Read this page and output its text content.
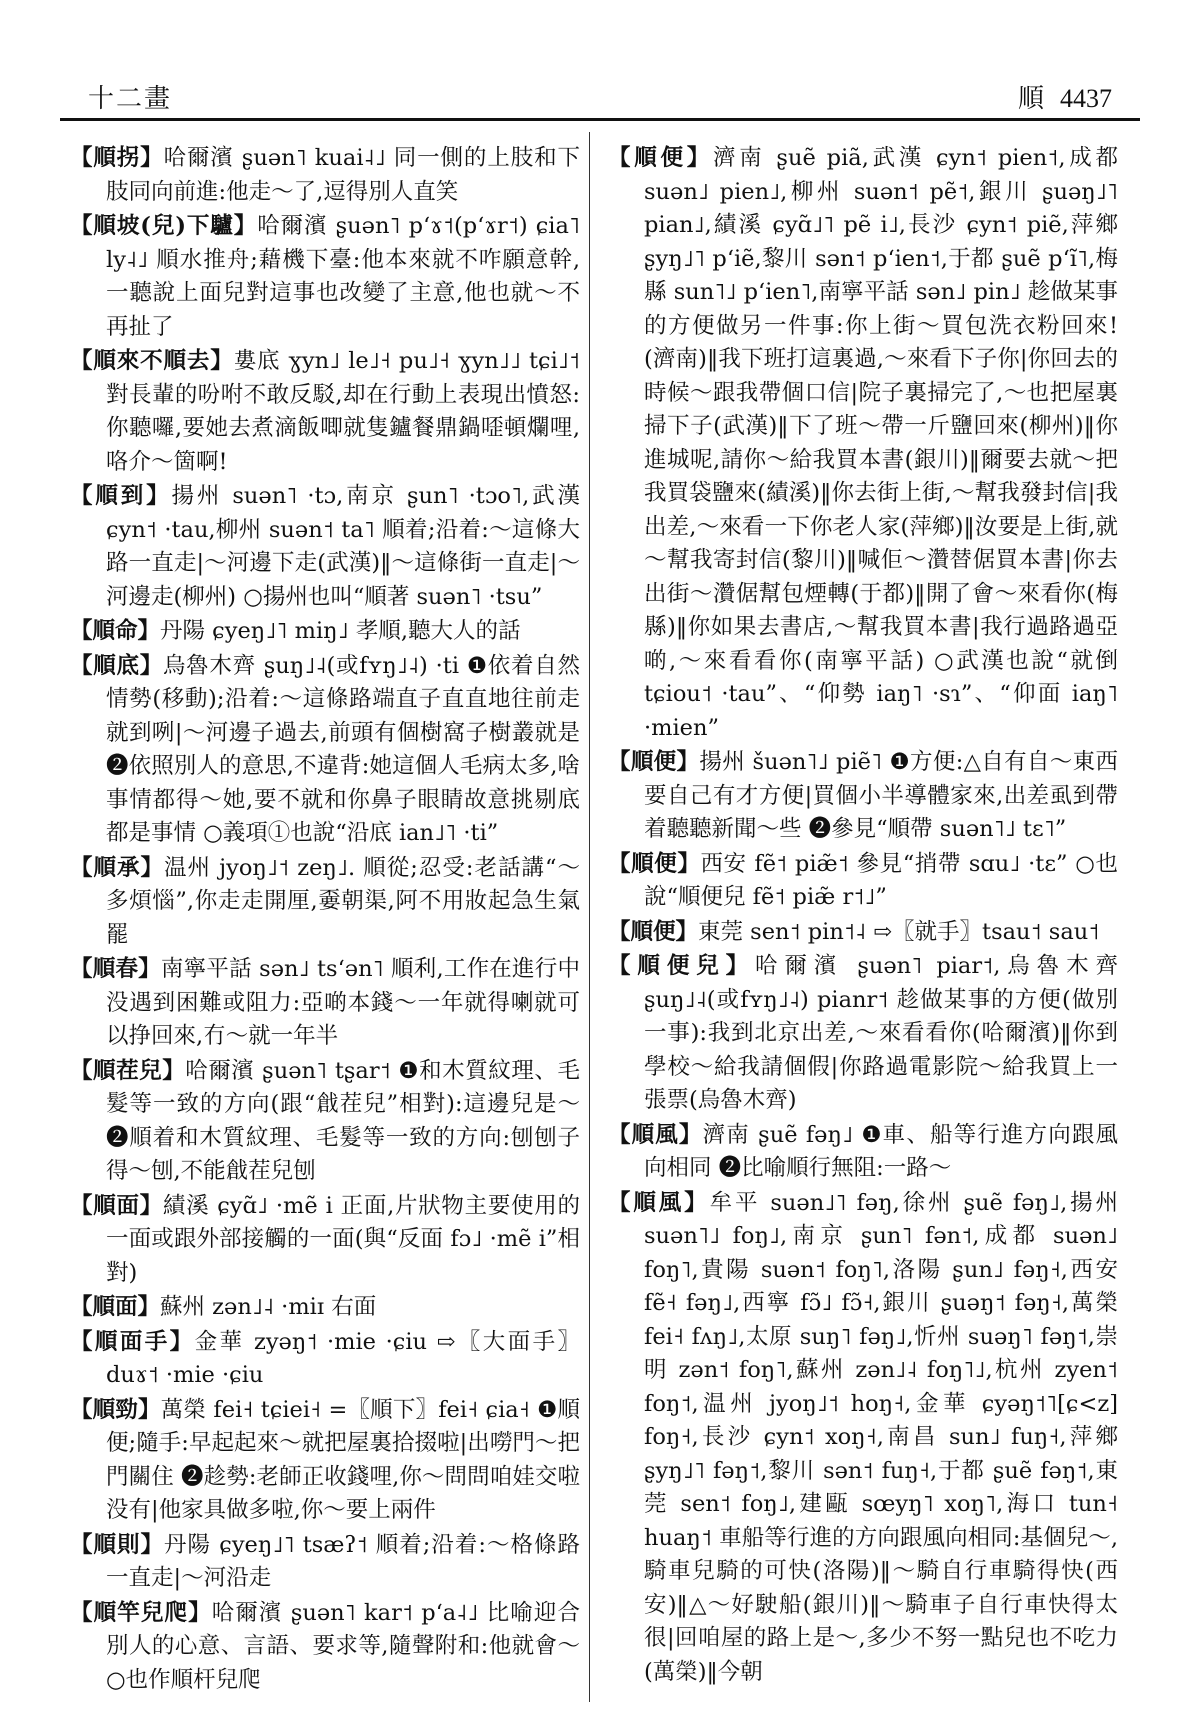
十二畫	順 4437

【順拐】哈爾濱 ʂuən˥ kuai˨˩ 同一側的上肢和下肢同向前進:他走～了,逗得別人直笑

【順坡(兒)下驢】哈爾濱 ʂuən˥ pʻɤ˦(pʻɤr˦) ɕia˥ ly˨˩ 順水推舟;藉機下臺:他本來就不咋願意幹,一聽說上面兒對這事也改變了主意,他也就～不再扯了

【順來不順去】婁底 ɣyn˩ le˩˧ pu˩˧ ɣyn˩˩ tɕi˩˦ 對長輩的吩咐不敢反駁,却在行動上表現出憤怒:你聽囉,要她去煮滴飯唧就隻鑪餐鼎鍋㗏頓爛哩,咯介～箇啊!

【順到】揚州 suən˥ ·tɔ,南京 ʂun˥ ·tɔo˥,武漢 ɕyn˦ ·tau,柳州 suən˦ ta˥ 順着;沿着:～這條大路一直走|～河邊下走(武漢)‖～這條街一直走|～河邊走(柳州) ○揚州也叫“順著 suən˥ ·tsu”

【順命】丹陽 ɕyeŋ˩˥ miŋ˩ 孝順,聽大人的話

【順底】烏魯木齊 ʂuŋ˩˨(或fʏŋ˩˨) ·ti ❶依着自然情勢(移動);沿着:～這條路端直子直直地往前走就到咧|～河邊子過去,前頭有個樹窩子樹叢就是 ❷依照別人的意思,不違背:她這個人毛病太多,啥事情都得～她,要不就和你鼻子眼睛故意挑剔底都是事情 ○義項①也說“沿底 ian˩˥ ·ti”

【順承】温州 jyoŋ˩˦ zeŋ˩. 順從;忍受:老話講“～多煩惱”,你走走開厘,嫑朝渠,阿不用妝起急生氣罷

【順春】南寧平話 sən˩ tsʻən˥ 順利,工作在進行中没遇到困難或阻力:亞啲本錢～一年就得喇就可以挣回來,冇～就一年半

【順茬兒】哈爾濱 ʂuən˥ tʂar˦ ❶和木質紋理、毛髮等一致的方向(跟“戧茬兒”相對):這邊兒是～ ❷順着和木質紋理、毛髮等一致的方向:刨刨子得～刨,不能戧茬兒刨

【順面】績溪 ɕyɑ̃˩ ·mẽ i 正面,片狀物主要使用的一面或跟外部接觸的一面(與“反面 fɔ˩ ·mẽ i”相對)

【順面】蘇州 zən˩˨ ·miɪ 右面

【順面手】金華 zyəŋ˦ ·mie ·ɕiu ⇨〖大面手〗duɤ˦ ·mie ·ɕiu

【順勁】萬榮 fei˧ tɕiei˧ =〖順下〗fei˧ ɕia˧ ❶順便;隨手:早起起來～就把屋裏拾掇啦|出嘮門～把門關住 ❷趁勢:老師正收錢哩,你～問問咱娃交啦没有|他家具做多啦,你～要上兩件

【順則】丹陽 ɕyeŋ˩˥ tsæʔ˦ 順着;沿着:～格條路一直走|～河沿走

【順竿兒爬】哈爾濱 ʂuən˥ kar˦ pʻa˨˩ 比喻迎合別人的心意、言語、要求等,隨聲附和:他就會～ ○也作順杆兒爬

【順便】濟南 ʂuẽ piã,武漢 ɕyn˦ pien˦,成都 suən˩ pien˩,柳州 suən˦ pẽ˦,銀川 ʂuəŋ˩˥ pian˩,績溪 ɕyɑ̃˩˥ pẽ i˩,長沙 ɕyn˦ piẽ,萍鄉 ʂyŋ˩˥ pʻiẽ,黎川 sən˦ pʻien˦,于都 ʂuẽ pʻĩ˥,梅縣 sun˥˩ pʻien˥,南寧平話 sən˩ pin˩ 趁做某事的方便做另一件事:你上街～買包洗衣粉回來!(濟南)‖我下班打這裏過,～來看下子你|你回去的時候～跟我帶個口信|院子裏掃完了,～也把屋裏掃下子(武漢)‖下了班～帶一斤鹽回來(柳州)‖你進城呢,請你～給我買本書(銀川)‖爾要去就～把我買袋鹽來(績溪)‖你去街上街,～幫我發封信|我出差,～來看一下你老人家(萍鄉)‖汝要是上街,就～幫我寄封信(黎川)‖喊佢～灒替倨買本書|你去出街～灒倨幫包煙轉(于都)‖開了會～來看你(梅縣)‖你如果去書店,～幫我買本書|我行過路過亞啲,～來看看你(南寧平話) ○武漢也說“就倒 tɕiou˦ ·tau”、“仰勢 iaŋ˥ ·sɿ”、“仰面 iaŋ˥ ·mien”

【順便】揚州 šuən˥˩ piẽ˥ ❶方便:△自有自～東西要自己有才方便|買個小半導體家來,出差虱到帶着聽聽新聞～些 ❷參見“順帶 suən˥˩ tɛ˥”

【順便】西安 fẽ˦ piæ̃˦ 參見“捎帶 sɑu˩ ·tɛ” ○也說“順便兒 fẽ˦ piæ̃ r˦˩”

【順便】東莞 sen˦ pin˦˨ ⇨〖就手〗tsau˦ sau˦

【順便兒】哈爾濱 ʂuən˥ piar˦,烏魯木齊 ʂuŋ˩˨(或fʏŋ˩˨) pianr˦ 趁做某事的方便(做別一事):我到北京出差,～來看看你(哈爾濱)‖你到學校～給我請個假|你路過電影院～給我買上一張票(烏魯木齊)

【順風】濟南 ʂuẽ fəŋ˩ ❶車、船等行進方向跟風向相同 ❷比喻順行無阻:一路～

【順風】牟平 suən˩˥ fəŋ,徐州 ʂuẽ fəŋ˩,揚州 suən˥˩ foŋ˩,南京 ʂun˥ fən˦,成都 suən˩ foŋ˥,貴陽 suən˦ foŋ˥,洛陽 ʂun˩ fəŋ˧,西安 fẽ˧ fəŋ˩,西寧 fɔ̃˩ fɔ̃˧,銀川 ʂuəŋ˦ fəŋ˧,萬榮 fei˧ fʌŋ˩,太原 suŋ˥ fəŋ˩,忻州 suəŋ˥ fəŋ˦,崇明 zən˦ foŋ˥,蘇州 zən˩˨ foŋ˥˩,杭州 zyen˦ foŋ˦,温州 jyoŋ˩˦ hoŋ˧,金華 ɕyəŋ˦˥[ɕ<z] foŋ˧,長沙 ɕyn˦ xoŋ˧,南昌 sun˩ fuŋ˧,萍鄉 ʂyŋ˩˥ fəŋ˦,黎川 sən˦ fuŋ˧,于都 ʂuẽ fəŋ˦,東莞 sen˦ foŋ˩,建甌 sœyŋ˥ xoŋ˥,海口 tun˧ huaŋ˦ 車船等行進的方向跟風向相同:基個兒～,騎車兒騎的可快(洛陽)‖～騎自行車騎得快(西安)‖△～好駛船(銀川)‖～騎車子自行車快得太很|回咱屋的路上是～,多少不努一點兒也不吃力(萬榮)‖今朝
